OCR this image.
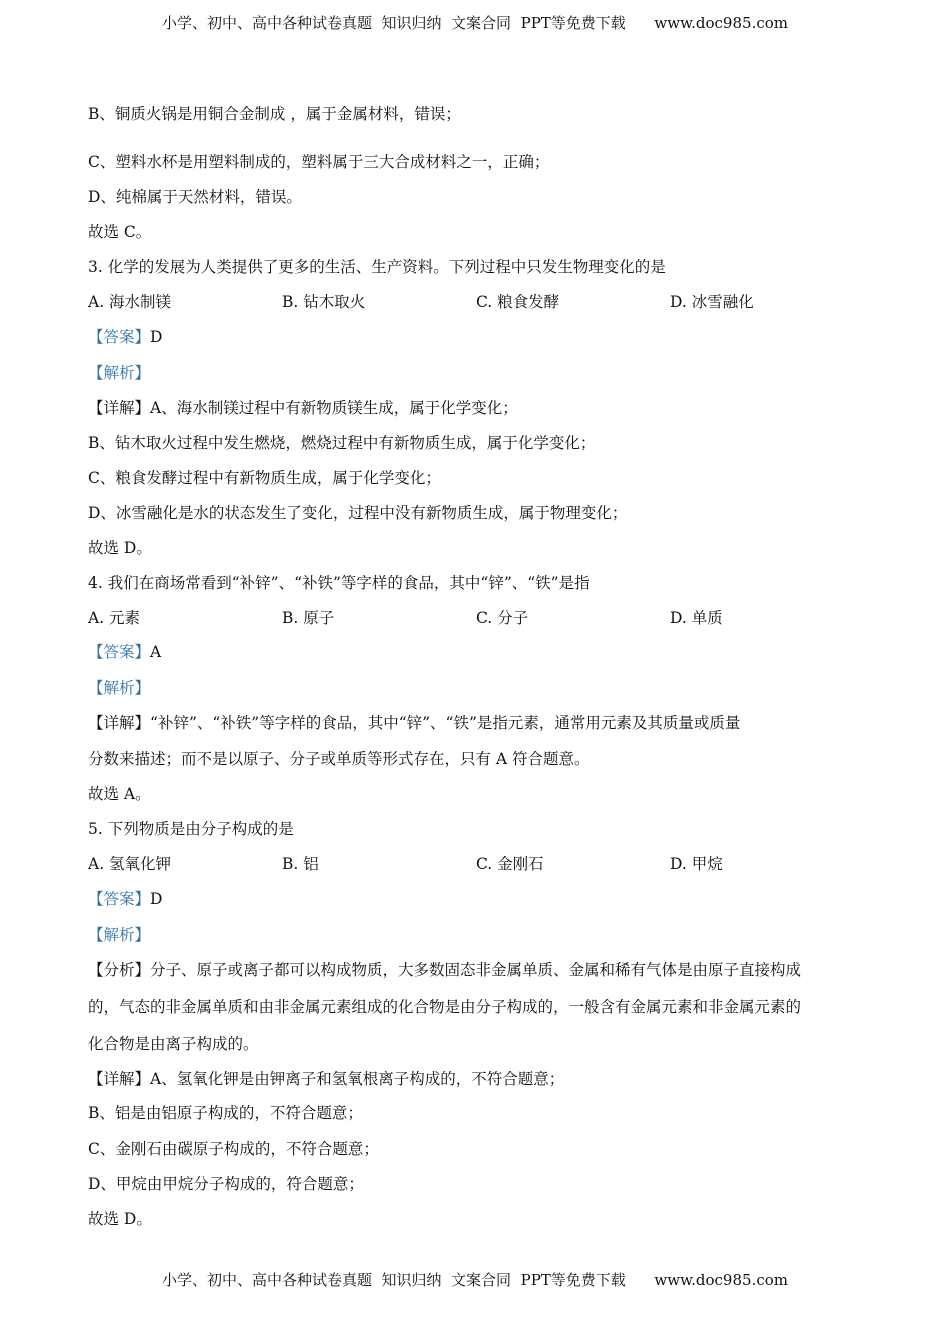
小学、初中、高中各种试卷真题  知识归纳  文案合同  PPT等免费下载      www.doc985.com
B、铜质火锅是用铜合金制成 ，属于金属材料，错误；
C、塑料水杯是用塑料制成的，塑料属于三大合成材料之一，正确；
D、纯棉属于天然材料，错误。
故选 C。
3. 化学的发展为人类提供了更多的生活、生产资料。下列过程中只发生物理变化的是
A. 海水制镁	B. 钻木取火	C. 粮食发酵	D. 冰雪融化
【答案】D
【解析】
【详解】A、海水制镁过程中有新物质镁生成，属于化学变化；
B、钻木取火过程中发生燃烧，燃烧过程中有新物质生成，属于化学变化；
C、粮食发酵过程中有新物质生成，属于化学变化；
D、冰雪融化是水的状态发生了变化，过程中没有新物质生成，属于物理变化；
故选 D。
4. 我们在商场常看到“补锌”、“补铁”等字样的食品，其中“锌”、“铁”是指
A. 元素	B. 原子	C. 分子	D. 单质
【答案】A
【解析】
【详解】“补锌”、“补铁”等字样的食品，其中“锌”、“铁”是指元素，通常用元素及其质量或质量
分数来描述；而不是以原子、分子或单质等形式存在，只有 A 符合题意。
故选 A。
5. 下列物质是由分子构成的是
A. 氢氧化钾	B. 铝	C. 金刚石	D. 甲烷
【答案】D
【解析】
【分析】分子、原子或离子都可以构成物质，大多数固态非金属单质、金属和稀有气体是由原子直接构成
的，气态的非金属单质和由非金属元素组成的化合物是由分子构成的，一般含有金属元素和非金属元素的
化合物是由离子构成的。
【详解】A、氢氧化钾是由钾离子和氢氧根离子构成的，不符合题意；
B、铝是由铝原子构成的，不符合题意；
C、金刚石由碳原子构成的，不符合题意；
D、甲烷由甲烷分子构成的，符合题意；
故选 D。
小学、初中、高中各种试卷真题  知识归纳  文案合同  PPT等免费下载      www.doc985.com
